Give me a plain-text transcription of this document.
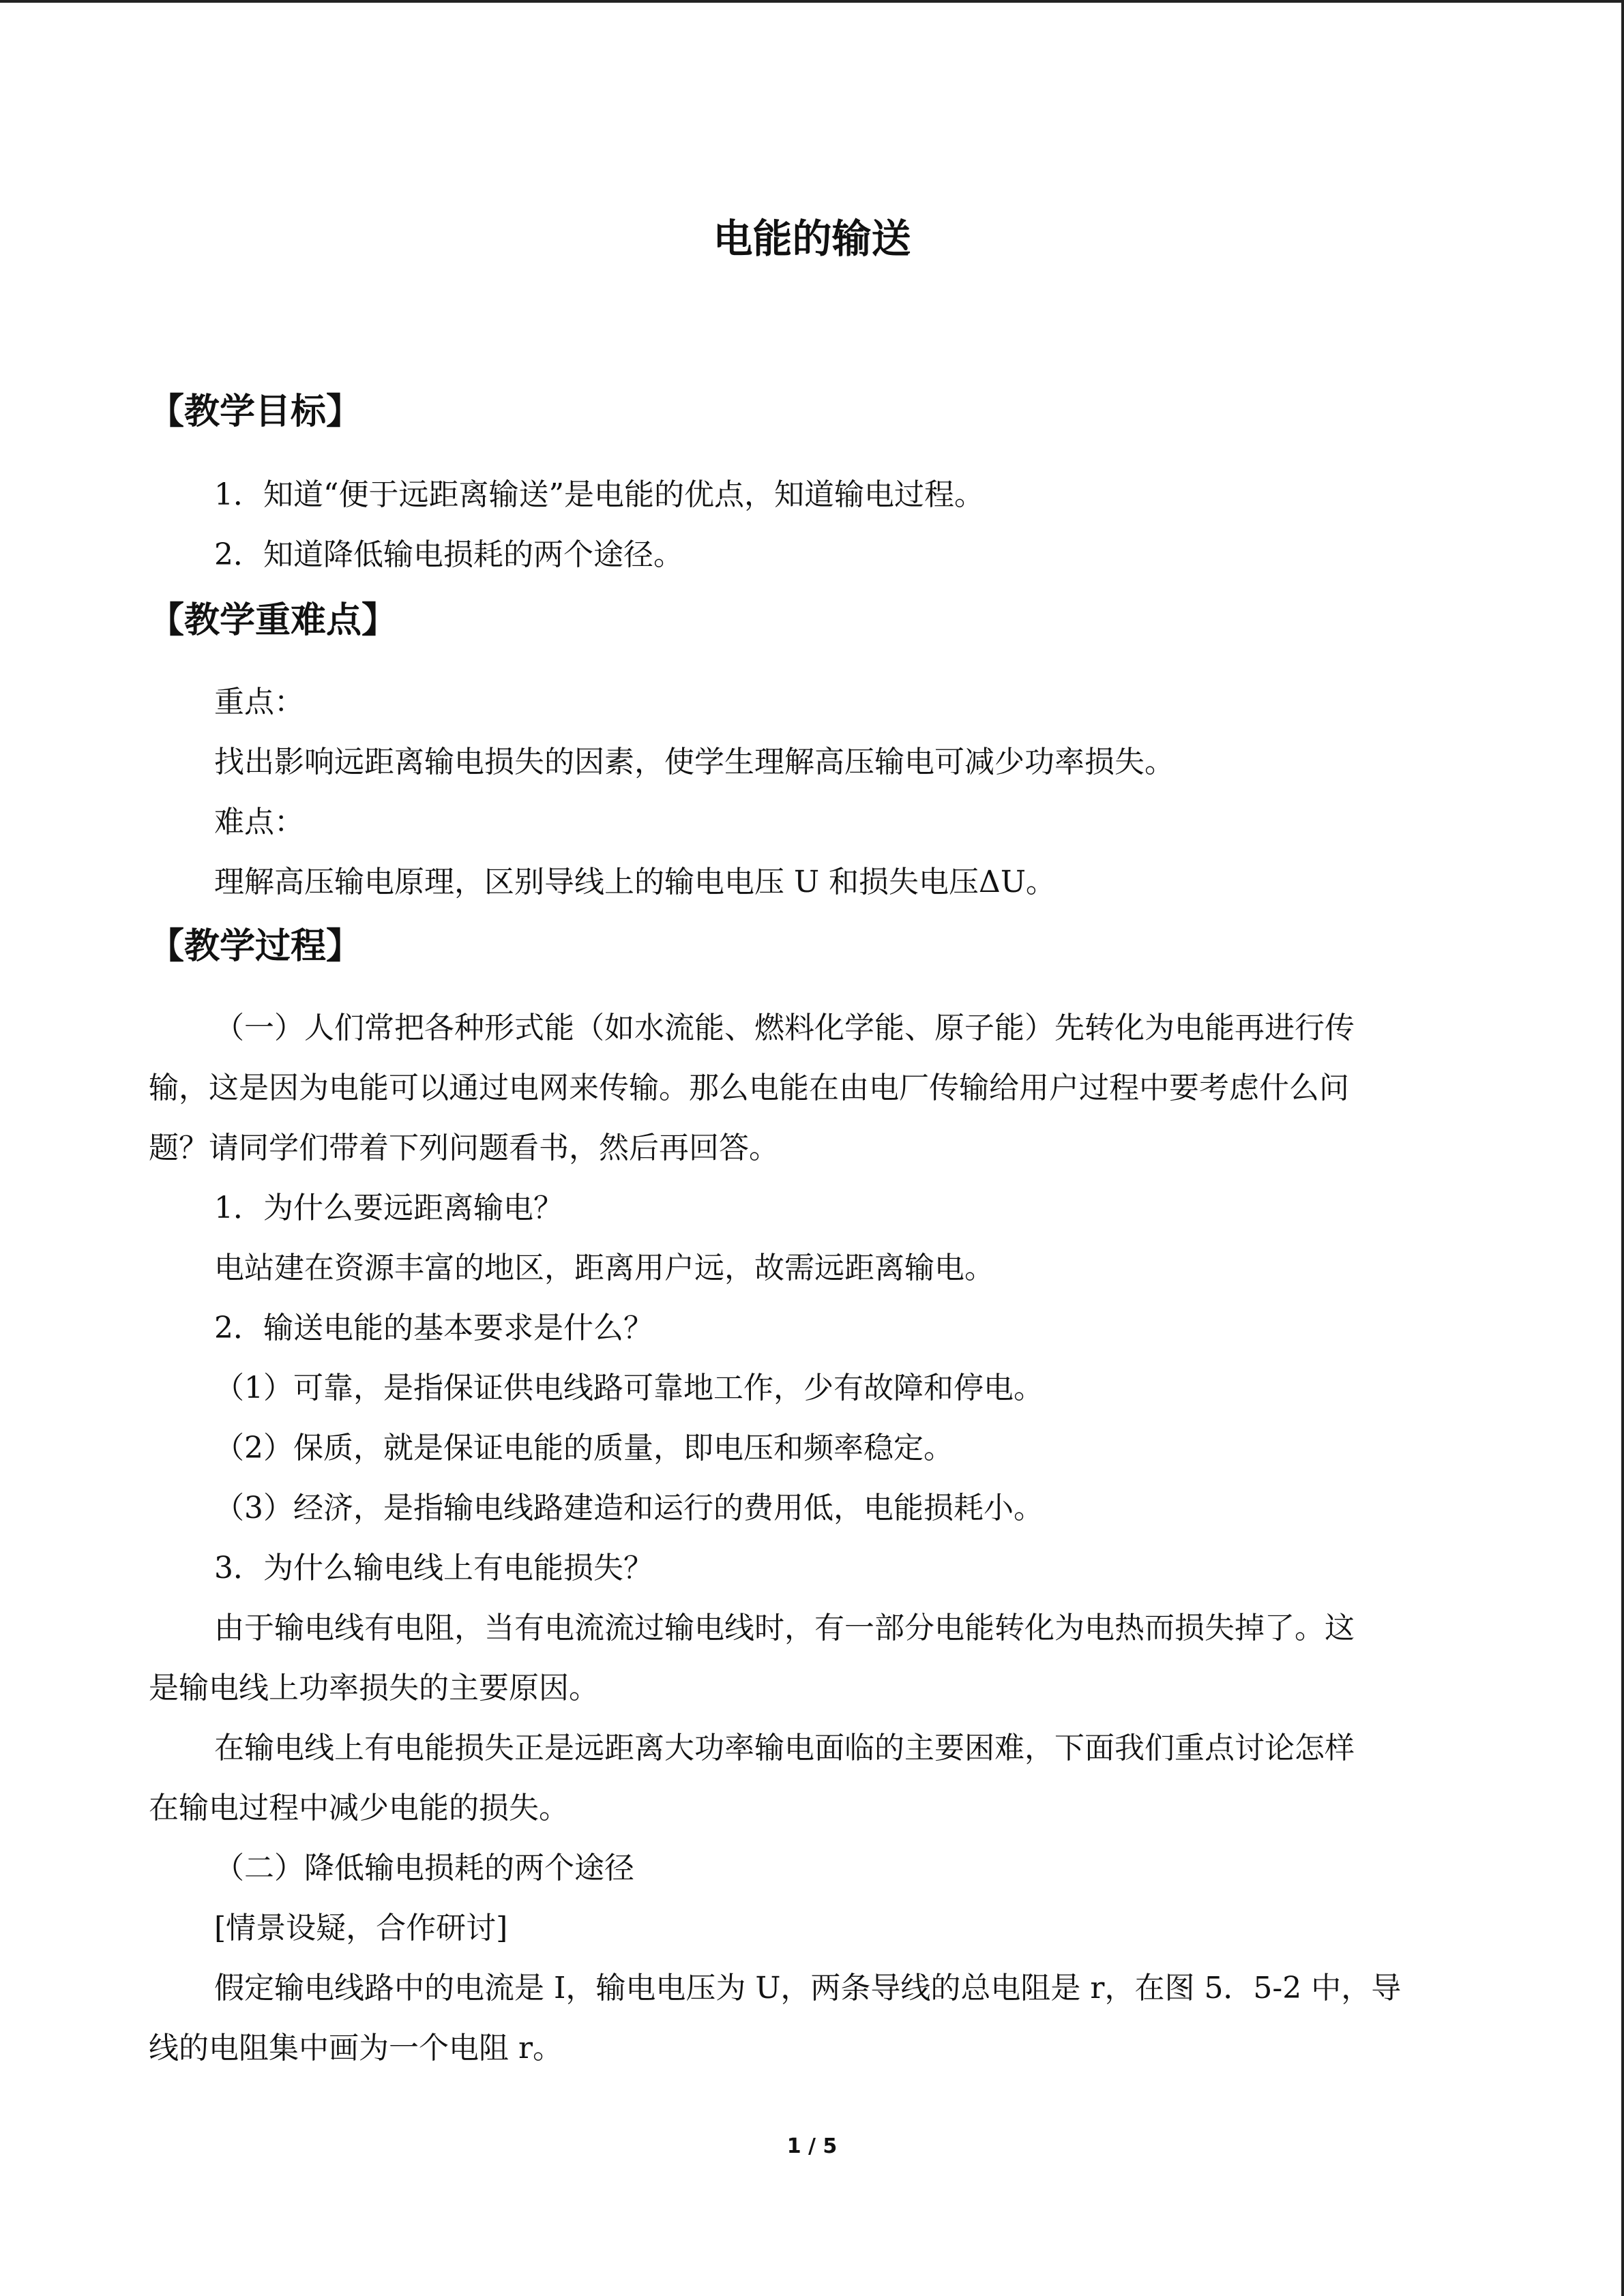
电能的输送
【教学目标】
1．知道“便于远距离输送”是电能的优点，知道输电过程。
2．知道降低输电损耗的两个途径。
【教学重难点】
重点：
找出影响远距离输电损失的因素，使学生理解高压输电可减少功率损失。
难点：
理解高压输电原理，区别导线上的输电电压 U 和损失电压ΔU。
【教学过程】
（一）人们常把各种形式能（如水流能、燃料化学能、原子能）先转化为电能再进行传
输，这是因为电能可以通过电网来传输。那么电能在由电厂传输给用户过程中要考虑什么问
题？请同学们带着下列问题看书，然后再回答。
1．为什么要远距离输电？
电站建在资源丰富的地区，距离用户远，故需远距离输电。
2．输送电能的基本要求是什么？
（1）可靠，是指保证供电线路可靠地工作，少有故障和停电。
（2）保质，就是保证电能的质量，即电压和频率稳定。
（3）经济，是指输电线路建造和运行的费用低，电能损耗小。
3．为什么输电线上有电能损失？
由于输电线有电阻，当有电流流过输电线时，有一部分电能转化为电热而损失掉了。这
是输电线上功率损失的主要原因。
在输电线上有电能损失正是远距离大功率输电面临的主要困难，下面我们重点讨论怎样
在输电过程中减少电能的损失。
（二）降低输电损耗的两个途径
[情景设疑，合作研讨]
假定输电线路中的电流是 I，输电电压为 U，两条导线的总电阻是 r，在图 5．5-2 中，导
线的电阻集中画为一个电阻 r。
1 / 5
